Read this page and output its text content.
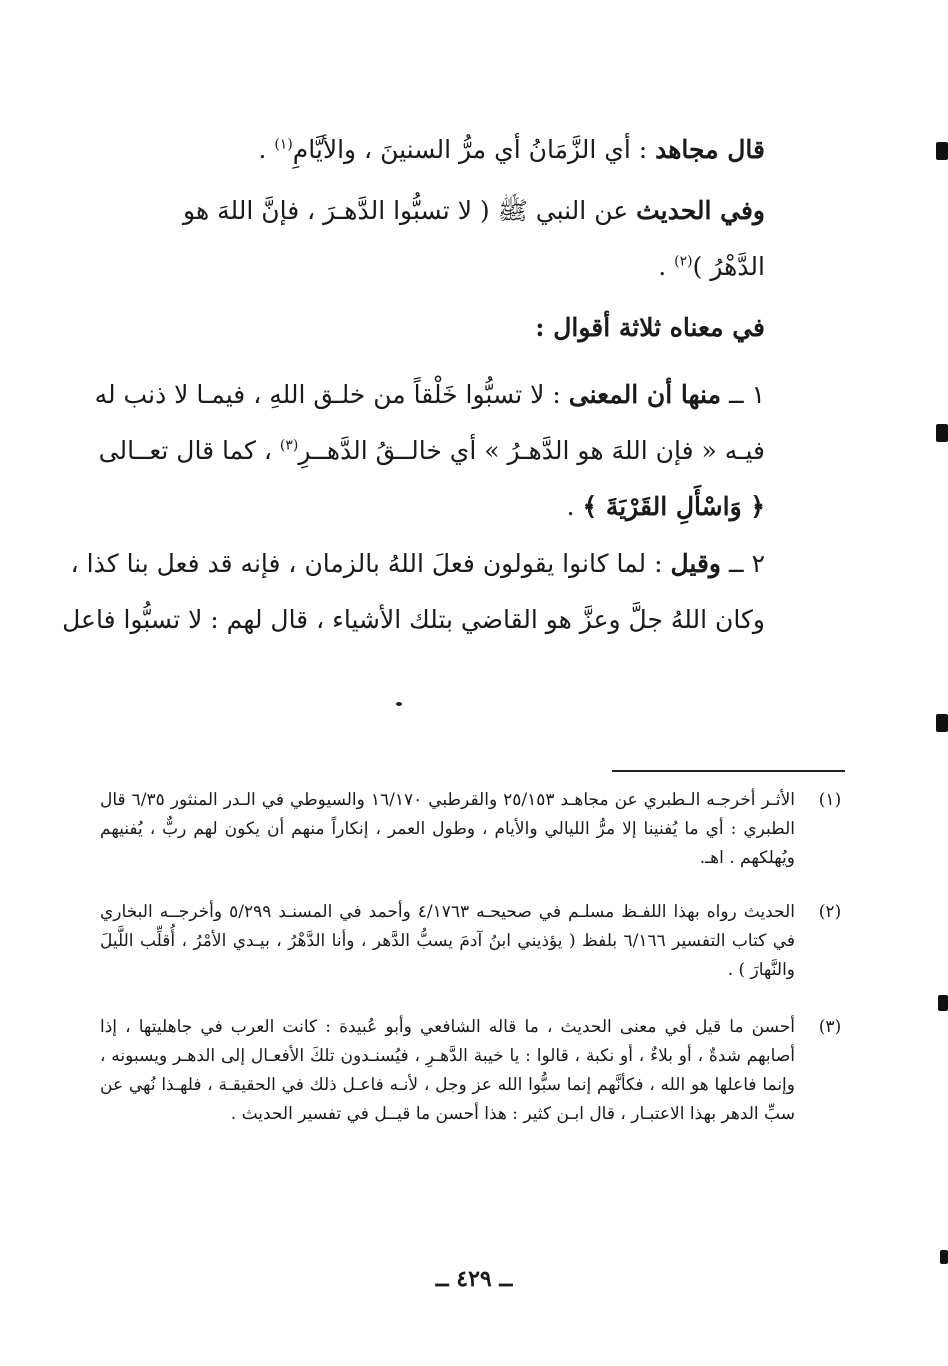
قال مجاهد : أي الزَّمَانُ أي مرُّ السنينَ ، والأيَّامِ$^{(١)}$ .
وفي الحديث عن النبي ﷺ ( لا تسبُّوا الدَّهـرَ ، فإنَّ اللهَ هو
الدَّهْرُ )$^{(٢)}$ .
في معناه ثلاثة أقوال :
١ ــ منها أن المعنى : لا تسبُّوا خَلْقاً من خلـق اللهِ ، فيمـا لا ذنب له
فيـه « فإن اللهَ هو الدَّهـرُ » أي خالــقُ الدَّهــرِ$^{(٣)}$ ، كما قال تعــالى
﴿ وَاسْأَلِ القَرْيَةَ ﴾ .
٢ ــ وقيل : لما كانوا يقولون فعلَ اللهُ بالزمان ، فإنه قد فعل بنا كذا ،
وكان اللهُ جلَّ وعزَّ هو القاضي بتلك الأشياء ، قال لهم : لا تسبُّوا فاعل
(١)
الأثـر أخرجـه الـطبري عن مجاهـد ٢٥/١٥٣ والقرطبي ١٦/١٧٠ والسيوطي في الـدر المنثور ٦/٣٥ قال الطبري : أي ما يُفنينا إلا مرُّ الليالي والأيام ، وطول العمر ، إنكاراً منهم أن يكون لهم ربٌّ ، يُفنيهم ويُهلكهم . اهـ.
(٢)
الحديث رواه بهذا اللفـظ مسلـم في صحيحـه ٤/١٧٦٣ وأحمد في المسنـد ٥/٢٩٩ وأخرجــه البخاري في كتاب التفسير ٦/١٦٦ بلفظ ( يؤذيني ابنُ آدمَ يسبُّ الدَّهر ، وأنا الدَّهْرُ ، بيـدي الأمْرُ ، أُقلِّب اللَّيلَ والنَّهارَ ) .
(٣)
أحسن ما قيل في معنى الحديث ، ما قاله الشافعي وأبو عُبيدة : كانت العرب في جاهليتها ، إذا أصابهم شدةٌ ، أو بلاءٌ ، أو نكبة ، قالوا : يا خيبة الدَّهـرِ ، فيُسنـدون تلكَ الأفعـال إلى الدهـر ويسبونه ، وإنما فاعلها هو الله ، فكأنَّهم إنما سبُّوا الله عز وجل ، لأنـه فاعـل ذلك في الحقيقـة ، فلهـذا نُهي عن سبِّ الدهر بهذا الاعتبـار ، قال ابـن كثير : هذا أحسن ما قيــل في تفسير الحديث .
ــ ٤٢٩ ــ
